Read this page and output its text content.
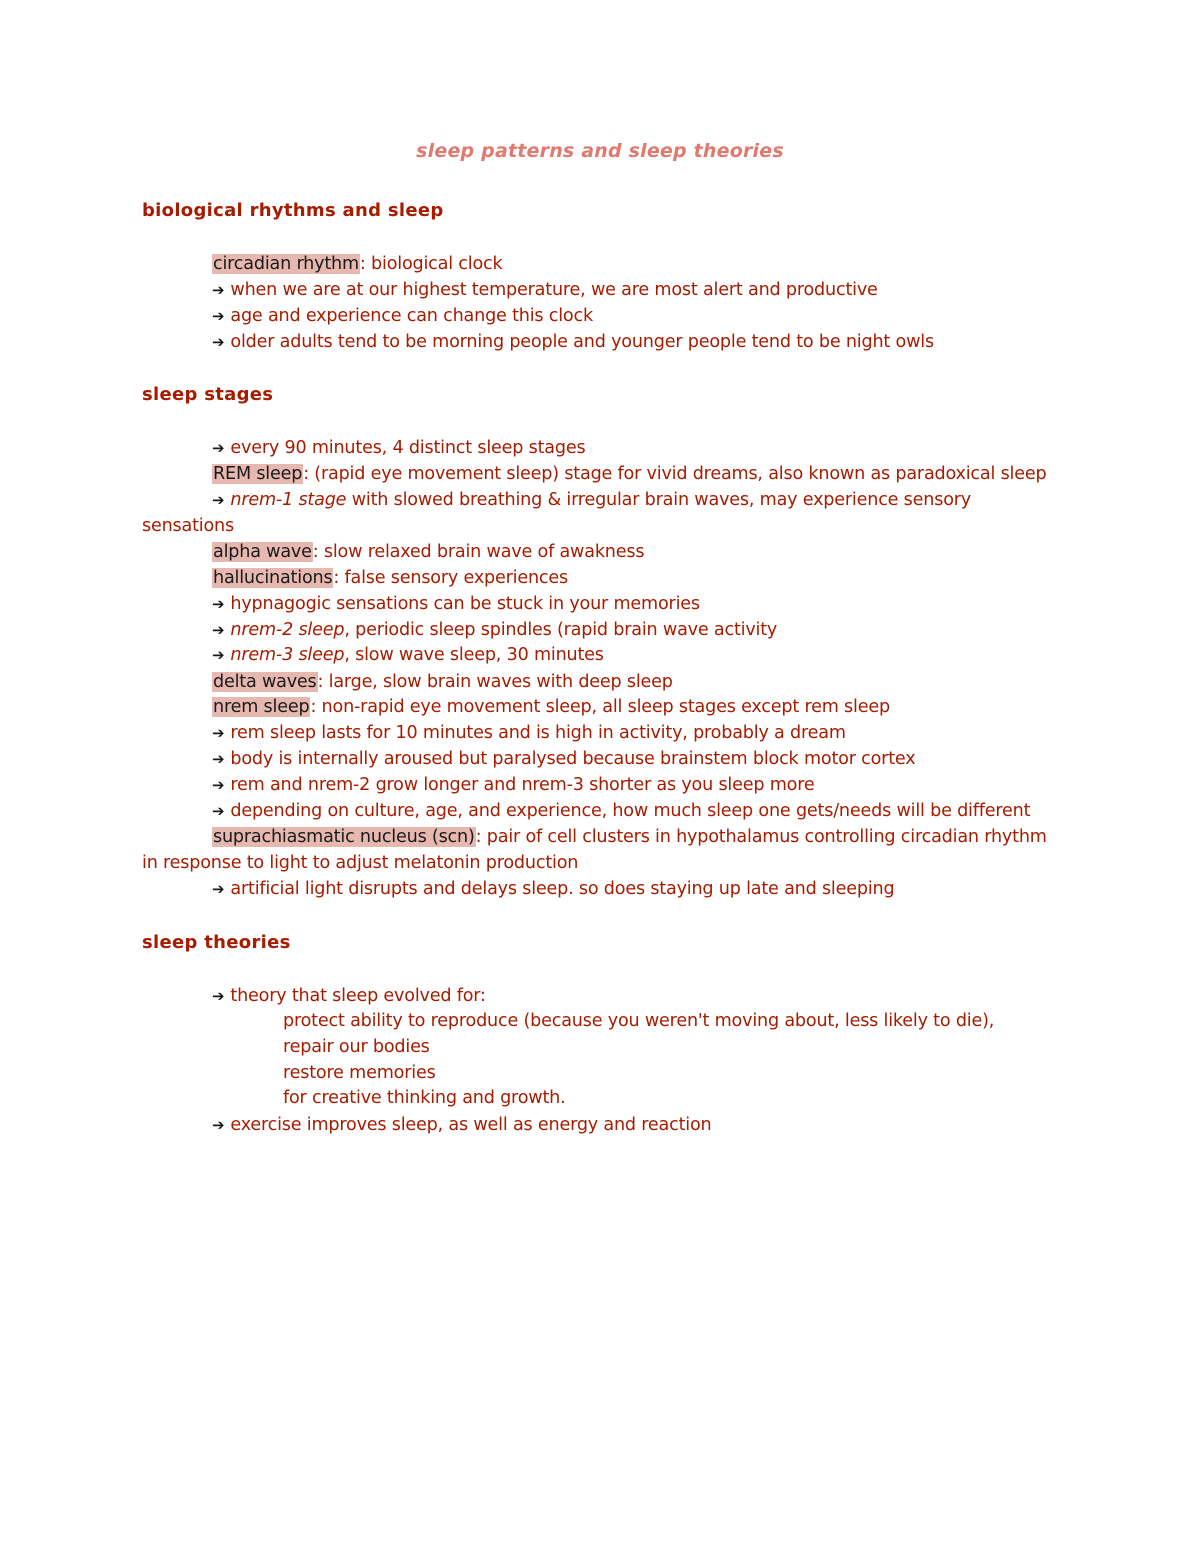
sleep patterns and sleep theories
biological rhythms and sleep
circadian rhythm: biological clock
➔ when we are at our highest temperature, we are most alert and productive
➔ age and experience can change this clock
➔ older adults tend to be morning people and younger people tend to be night owls
sleep stages
➔ every 90 minutes, 4 distinct sleep stages
REM sleep: (rapid eye movement sleep) stage for vivid dreams, also known as paradoxical sleep
➔ nrem-1 stage with slowed breathing & irregular brain waves, may experience sensory
sensations
alpha wave: slow relaxed brain wave of awakness
hallucinations: false sensory experiences
➔ hypnagogic sensations can be stuck in your memories
➔ nrem-2 sleep, periodic sleep spindles (rapid brain wave activity
➔ nrem-3 sleep, slow wave sleep, 30 minutes
delta waves: large, slow brain waves with deep sleep
nrem sleep: non-rapid eye movement sleep, all sleep stages except rem sleep
➔ rem sleep lasts for 10 minutes and is high in activity, probably a dream
➔ body is internally aroused but paralysed because brainstem block motor cortex
➔ rem and nrem-2 grow longer and nrem-3 shorter as you sleep more
➔ depending on culture, age, and experience, how much sleep one gets/needs will be different
suprachiasmatic nucleus (scn): pair of cell clusters in hypothalamus controlling circadian rhythm
in response to light to adjust melatonin production
➔ artificial light disrupts and delays sleep. so does staying up late and sleeping
sleep theories
➔ theory that sleep evolved for:
protect ability to reproduce (because you weren't moving about, less likely to die),
repair our bodies
restore memories
for creative thinking and growth.
➔ exercise improves sleep, as well as energy and reaction
